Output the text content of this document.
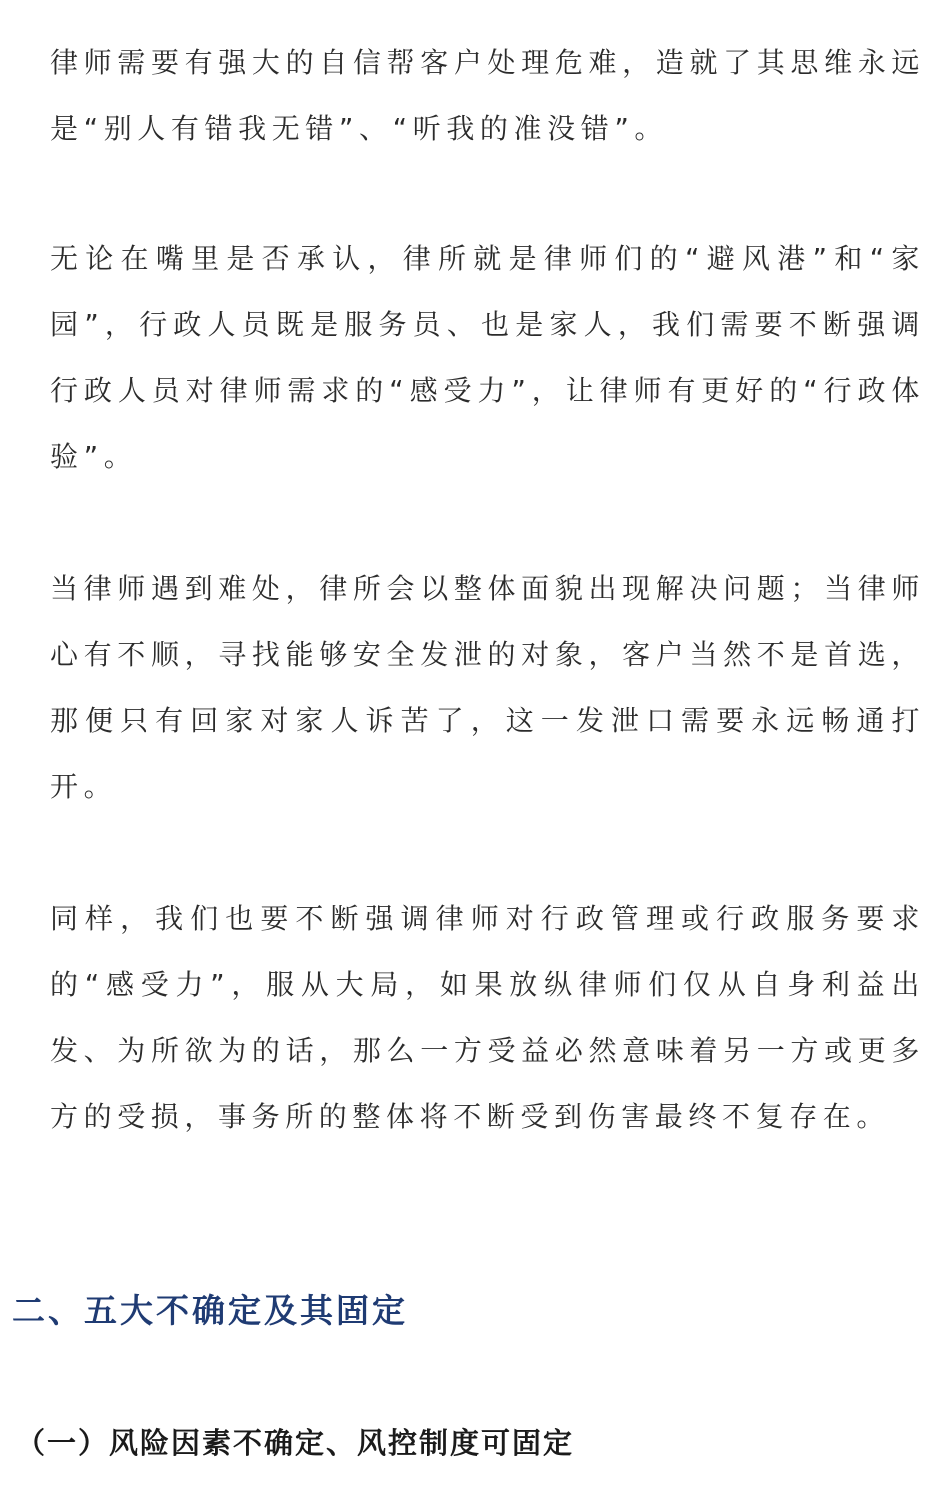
律师需要有强大的自信帮客户处理危难，造就了其思维永远是“别人有错我无错”、“听我的准没错”。

无论在嘴里是否承认，律所就是律师们的“避风港”和“家园”，行政人员既是服务员、也是家人，我们需要不断强调行政人员对律师需求的“感受力”，让律师有更好的“行政体验”。

当律师遇到难处，律所会以整体面貌出现解决问题；当律师心有不顺，寻找能够安全发泄的对象，客户当然不是首选，那便只有回家对家人诉苦了，这一发泄口需要永远畅通打开。

同样，我们也要不断强调律师对行政管理或行政服务要求的“感受力”，服从大局，如果放纵律师们仅从自身利益出发、为所欲为的话，那么一方受益必然意味着另一方或更多方的受损，事务所的整体将不断受到伤害最终不复存在。

二、五大不确定及其固定
（一）风险因素不确定、风控制度可固定
